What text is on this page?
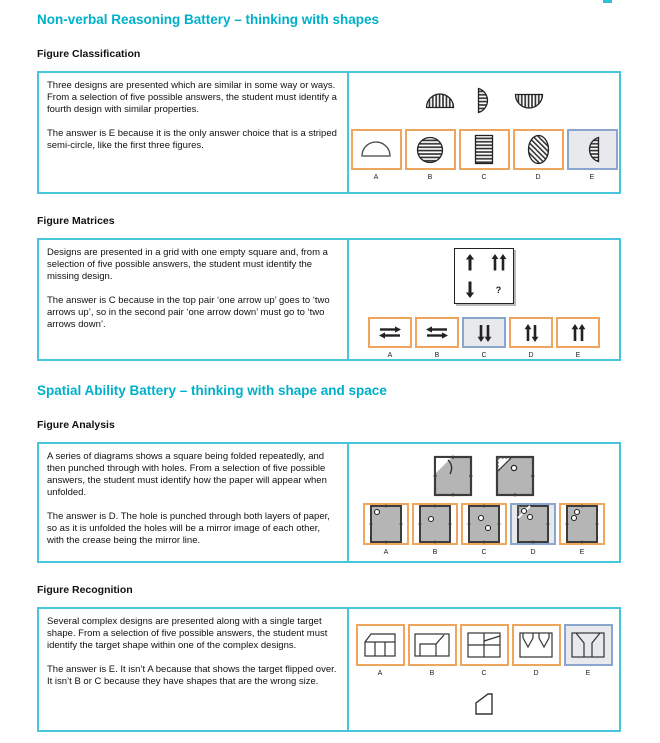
Non-verbal Reasoning Battery – thinking with shapes
Figure Classification

Three designs are presented which are similar in some way or ways. From a selection of five possible answers, the student must identify a fourth design with similar properties.

The answer is E because it is the only answer choice that is a striped semi-circle, like the first three figures.

A	B	C	D	E
Figure Matrices

Designs are presented in a grid with one empty square and, from a selection of five possible answers, the student must identify the missing design.

The answer is C because in the top pair ‘one arrow up’ goes to ‘two arrows up’, so in the second pair ‘one arrow down’ must go to ‘two arrows down’.

?
A	B	C	D	E
Spatial Ability Battery – thinking with shape and space
Figure Analysis

A series of diagrams shows a square being folded repeatedly, and then punched through with holes. From a selection of five possible answers, the student must identify how the paper will appear when unfolded.

The answer is D. The hole is punched through both layers of paper, so as it is unfolded the holes will be a mirror image of each other, with the crease being the mirror line.

A	B	C	D	E
Figure Recognition

Several complex designs are presented along with a single target shape. From a selection of five possible answers, the student must identify the target shape within one of the complex designs.

The answer is E. It isn’t A because that shows the target flipped over. It isn’t B or C because they have shapes that are the wrong size.

A	B	C	D	E
